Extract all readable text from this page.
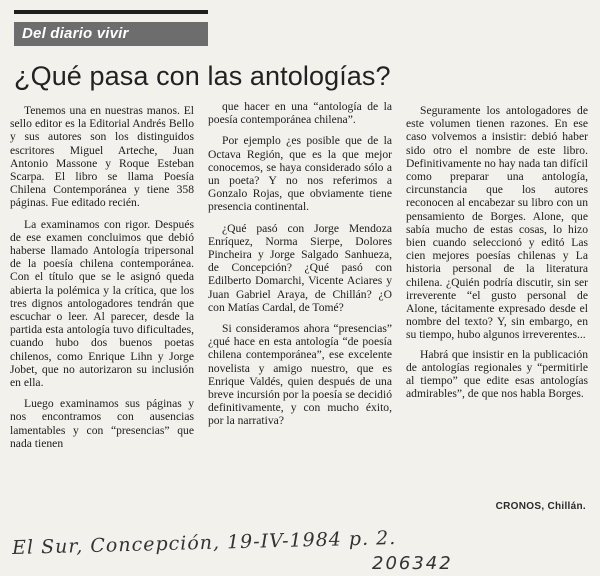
Del diario vivir
¿Qué pasa con las antologías?

Tenemos una en nuestras manos. El sello editor es la Editorial Andrés Bello y sus autores son los distinguidos escritores Miguel Arteche, Juan Antonio Massone y Roque Esteban Scarpa. El libro se llama Poesía Chilena Contemporánea y tiene 358 páginas. Fue editado recién.

La examinamos con rigor. Después de ese examen concluimos que debió haberse llamado Antología tripersonal de la poesía chilena contemporánea. Con el título que se le asignó queda abierta la polémica y la crítica, que los tres dignos antologadores tendrán que escuchar o leer. Al parecer, desde la partida esta antología tuvo dificultades, cuando hubo dos buenos poetas chilenos, como Enrique Lihn y Jorge Jobet, que no autorizaron su inclusión en ella.

Luego examinamos sus páginas y nos encontramos con ausencias lamentables y con “presencias” que nada tienen

que hacer en una “antología de la poesía contemporánea chilena”.

Por ejemplo ¿es posible que de la Octava Región, que es la que mejor conocemos, se haya considerado sólo a un poeta? Y no nos referimos a Gonzalo Rojas, que obviamente tiene presencia continental.

¿Qué pasó con Jorge Mendoza Enríquez, Norma Sierpe, Dolores Pincheira y Jorge Salgado Sanhueza, de Concepción? ¿Qué pasó con Edilberto Domarchi, Vicente Aciares y Juan Gabriel Araya, de Chillán? ¿O con Matías Cardal, de Tomé?

Si consideramos ahora “presencias” ¿qué hace en esta antología “de poesía chilena contemporánea”, ese excelente novelista y amigo nuestro, que es Enrique Valdés, quien después de una breve incursión por la poesía se decidió definitivamente, y con mucho éxito, por la narrativa?

Seguramente los antologadores de este volumen tienen razones. En ese caso volvemos a insistir: debió haber sido otro el nombre de este libro. Definitivamente no hay nada tan difícil como preparar una antología, circunstancia que los autores reconocen al encabezar su libro con un pensamiento de Borges. Alone, que sabía mucho de estas cosas, lo hizo bien cuando seleccionó y editó Las cien mejores poesías chilenas y La historia personal de la literatura chilena. ¿Quién podría discutir, sin ser irreverente “el gusto personal de Alone, tácitamente expresado desde el nombre del texto? Y, sin embargo, en su tiempo, hubo algunos irreverentes...

Habrá que insistir en la publicación de antologías regionales y “permitirle al tiempo” que edite esas antologías admirables”, de que nos habla Borges.

CRONOS, Chillán.
El Sur, Concepción, 19-IV-1984 p. 2.
206342
